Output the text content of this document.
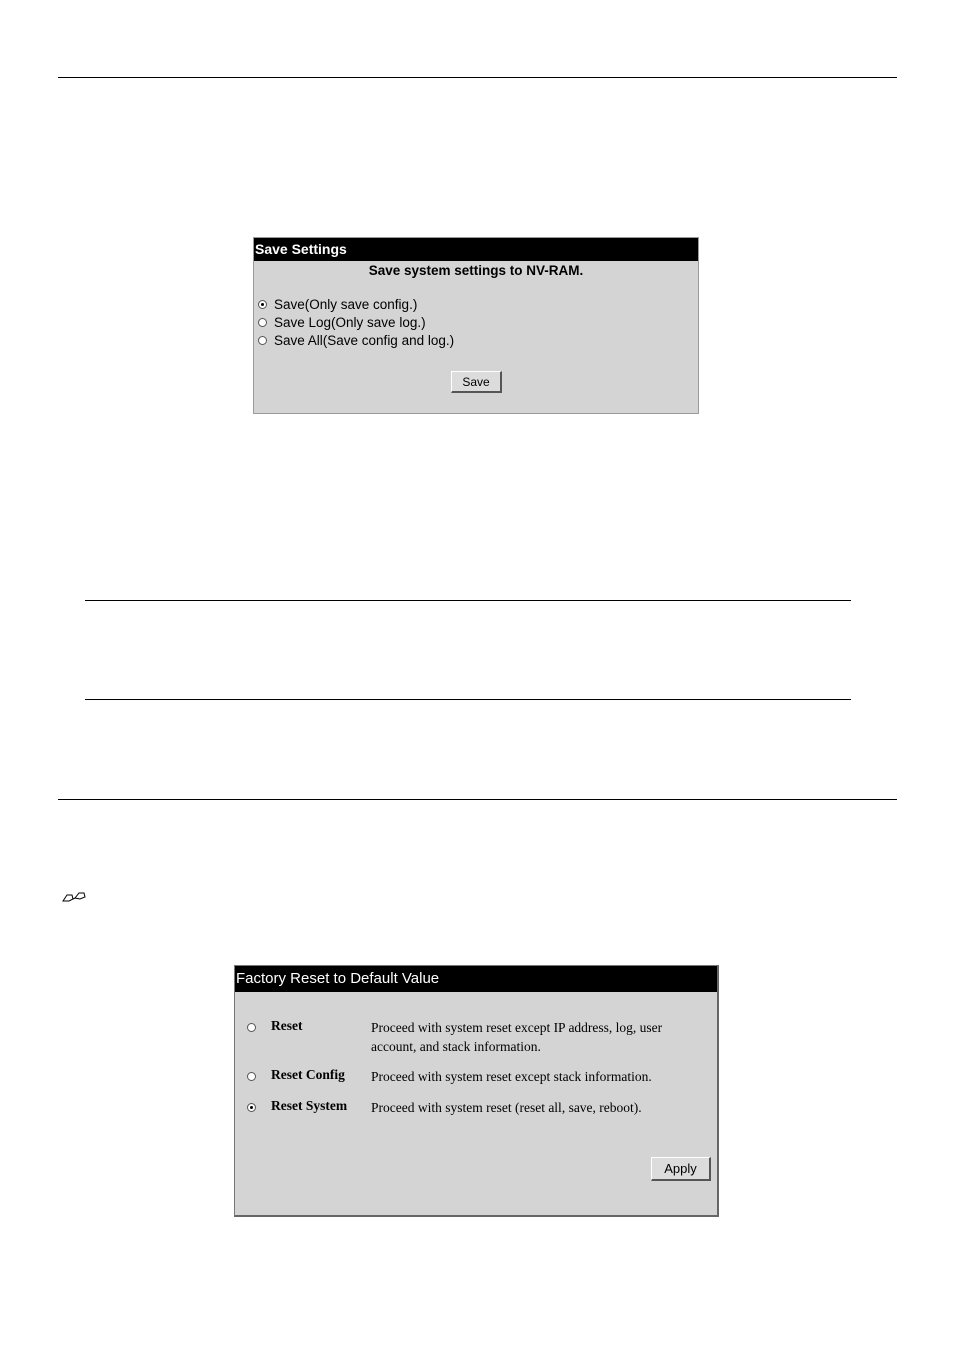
Save Settings
Save system settings to NV-RAM.
Save(Only save config.)
Save Log(Only save log.)
Save All(Save config and log.)
Save
Factory Reset to Default Value
Reset	Proceed with system reset except IP address, log, user account, and stack information.
Reset Config Proceed with system reset except stack information.
Reset System Proceed with system reset (reset all, save, reboot).
Apply
